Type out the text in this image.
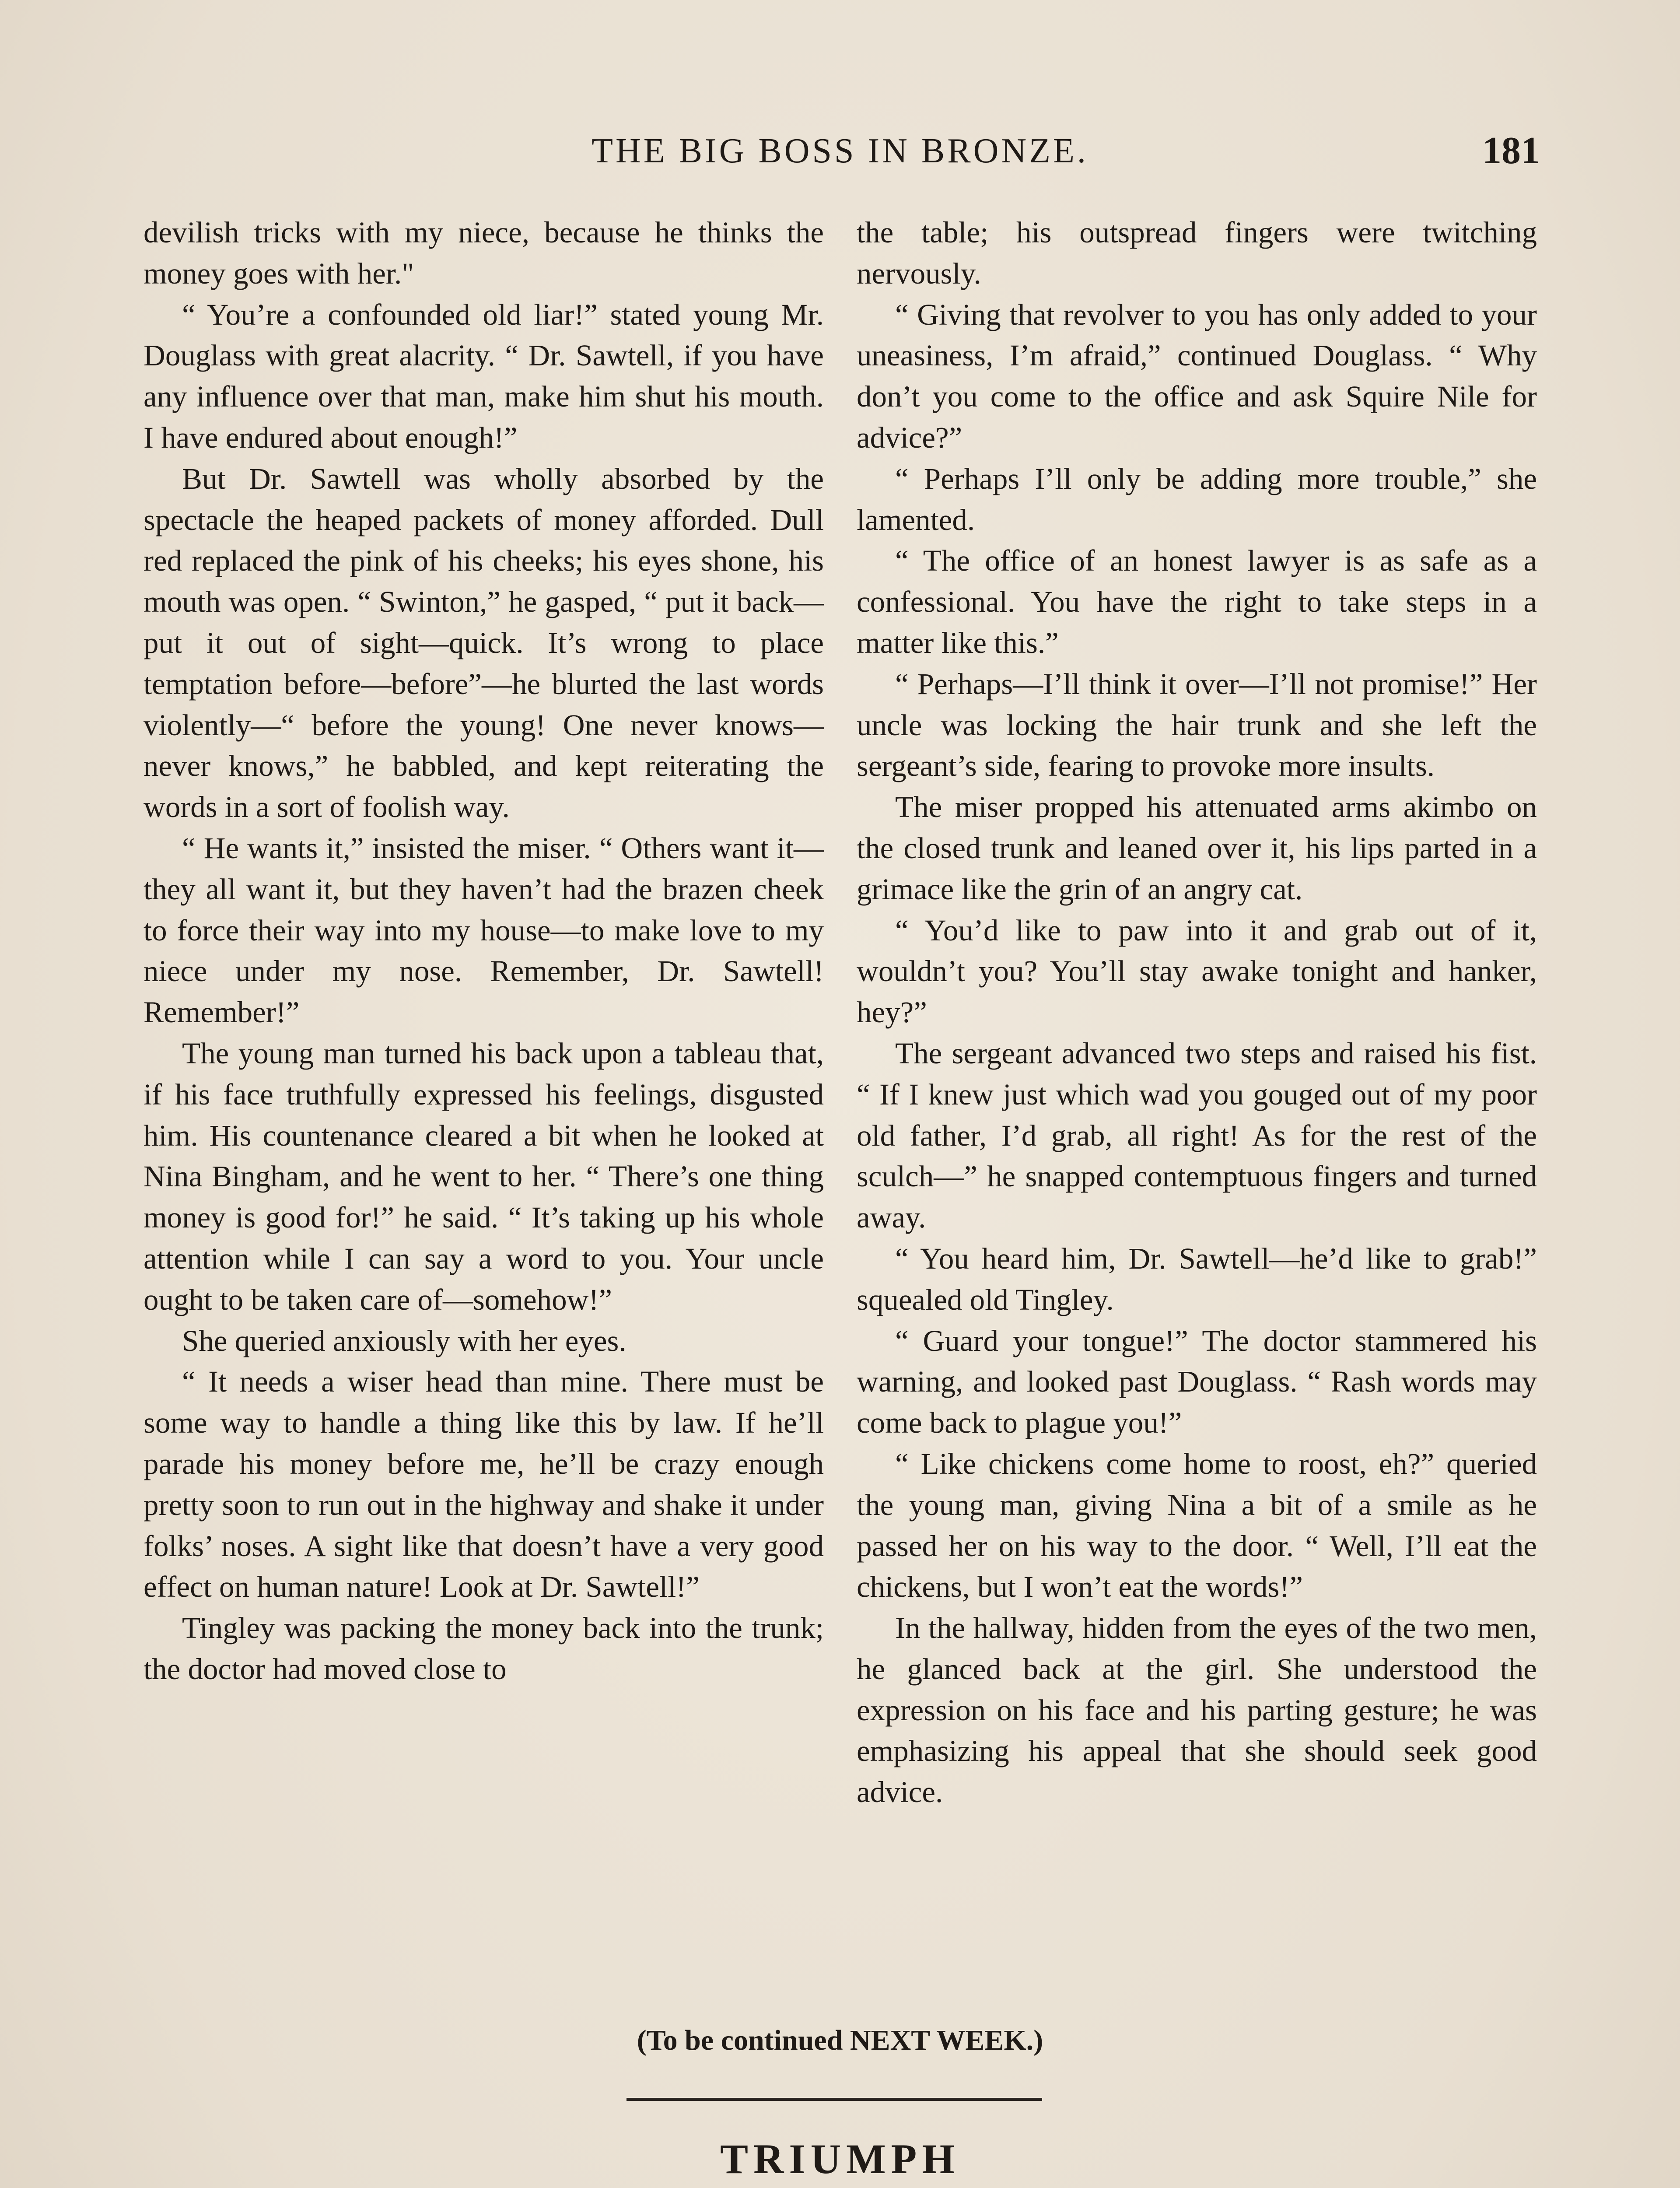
THE BIG BOSS IN BRONZE.	181

devilish tricks with my niece, because he thinks the money goes with her."

“ You’re a confounded old liar!” stated young Mr. Douglass with great alacrity. “ Dr. Sawtell, if you have any influence over that man, make him shut his mouth. I have endured about enough!”

But Dr. Sawtell was wholly absorbed by the spectacle the heaped packets of money afforded. Dull red replaced the pink of his cheeks; his eyes shone, his mouth was open. “ Swinton,” he gasped, “ put it back—put it out of sight—quick. It’s wrong to place temptation before—before”—he blurted the last words violently—“ before the young! One never knows—never knows,” he babbled, and kept reiterating the words in a sort of foolish way.

“ He wants it,” insisted the miser. “ Others want it—they all want it, but they haven’t had the brazen cheek to force their way into my house—to make love to my niece under my nose. Remember, Dr. Sawtell! Remember!”

The young man turned his back upon a tableau that, if his face truthfully expressed his feelings, disgusted him. His countenance cleared a bit when he looked at Nina Bingham, and he went to her. “ There’s one thing money is good for!” he said. “ It’s taking up his whole attention while I can say a word to you. Your uncle ought to be taken care of—somehow!”

She queried anxiously with her eyes.

“ It needs a wiser head than mine. There must be some way to handle a thing like this by law. If he’ll parade his money before me, he’ll be crazy enough pretty soon to run out in the highway and shake it under folks’ noses. A sight like that doesn’t have a very good effect on human nature! Look at Dr. Sawtell!”

Tingley was packing the money back into the trunk; the doctor had moved close to

the table; his outspread fingers were twitching nervously.

“ Giving that revolver to you has only added to your uneasiness, I’m afraid,” continued Douglass. “ Why don’t you come to the office and ask Squire Nile for advice?”

“ Perhaps I’ll only be adding more trouble,” she lamented.

“ The office of an honest lawyer is as safe as a confessional. You have the right to take steps in a matter like this.”

“ Perhaps—I’ll think it over—I’ll not promise!” Her uncle was locking the hair trunk and she left the sergeant’s side, fearing to provoke more insults.

The miser propped his attenuated arms akimbo on the closed trunk and leaned over it, his lips parted in a grimace like the grin of an angry cat.

“ You’d like to paw into it and grab out of it, wouldn’t you? You’ll stay awake tonight and hanker, hey?”

The sergeant advanced two steps and raised his fist. “ If I knew just which wad you gouged out of my poor old father, I’d grab, all right! As for the rest of the sculch—” he snapped contemptuous fingers and turned away.

“ You heard him, Dr. Sawtell—he’d like to grab!” squealed old Tingley.

“ Guard your tongue!” The doctor stammered his warning, and looked past Douglass. “ Rash words may come back to plague you!”

“ Like chickens come home to roost, eh?” queried the young man, giving Nina a bit of a smile as he passed her on his way to the door. “ Well, I’ll eat the chickens, but I won’t eat the words!”

In the hallway, hidden from the eyes of the two men, he glanced back at the girl. She understood the expression on his face and his parting gesture; he was emphasizing his appeal that she should seek good advice.

(To be continued NEXT WEEK.)
TRIUMPH
